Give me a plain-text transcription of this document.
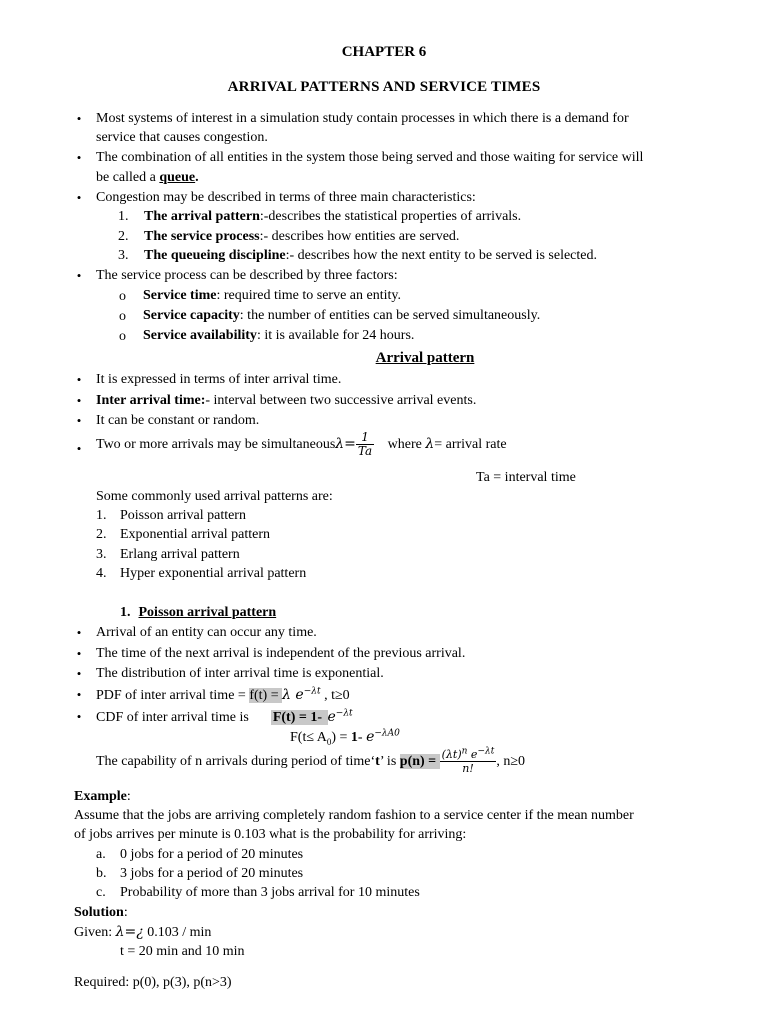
CHAPTER 6
ARRIVAL PATTERNS AND SERVICE TIMES
• Most systems of interest in a simulation study contain processes in which there is a demand for
service that causes congestion.
• The combination of all entities in the system those being served and those waiting for service will
be called a queue.
• Congestion may be described in terms of three main characteristics:
1. The arrival pattern:-describes the statistical properties of arrivals.
2. The service process:- describes how entities are served.
3. The queueing discipline:- describes how the next entity to be served is selected.
• The service process can be described by three factors:
o Service time: required time to serve an entity.
o Service capacity: the number of entities can be served simultaneously.
o Service availability: it is available for 24 hours.
Arrival pattern
• It is expressed in terms of inter arrival time.
• Inter arrival time:- interval between two successive arrival events.
• It can be constant or random.
• Two or more arrivals may be simultaneousλ= $\frac{1}{Ta}$ where λ= arrival rate
Ta = interval time
Some commonly used arrival patterns are:
1. Poisson arrival pattern
2. Exponential arrival pattern
3. Erlang arrival pattern
4. Hyper exponential arrival pattern
1. Poisson arrival pattern
• Arrival of an entity can occur any time.
• The time of the next arrival is independent of the previous arrival.
• The distribution of inter arrival time is exponential.
• PDF of inter arrival time = f(t) = λ $e^{-\lambda t}$ , t≥0
• CDF of inter arrival time is F(t) = 1- $e^{-\lambda t}$
$F(t\le A_0) = 1-$ $e^{-\lambda A0}$
The capability of n arrivals during period of time‘t’ is $p(n) = \frac{(\lambda t)^n e^{-\lambda t}}{n!}$ , n≥0
Example:
Assume that the jobs are arriving completely random fashion to a service center if the mean number
of jobs arrives per minute is 0.103 what is the probability for arriving:
a. 0 jobs for a period of 20 minutes
b. 3 jobs for a period of 20 minutes
c. Probability of more than 3 jobs arrival for 10 minutes
Solution:
Given: λ=¿ 0.103 / min
t = 20 min and 10 min
Required: p(0), p(3), p(n>3)
